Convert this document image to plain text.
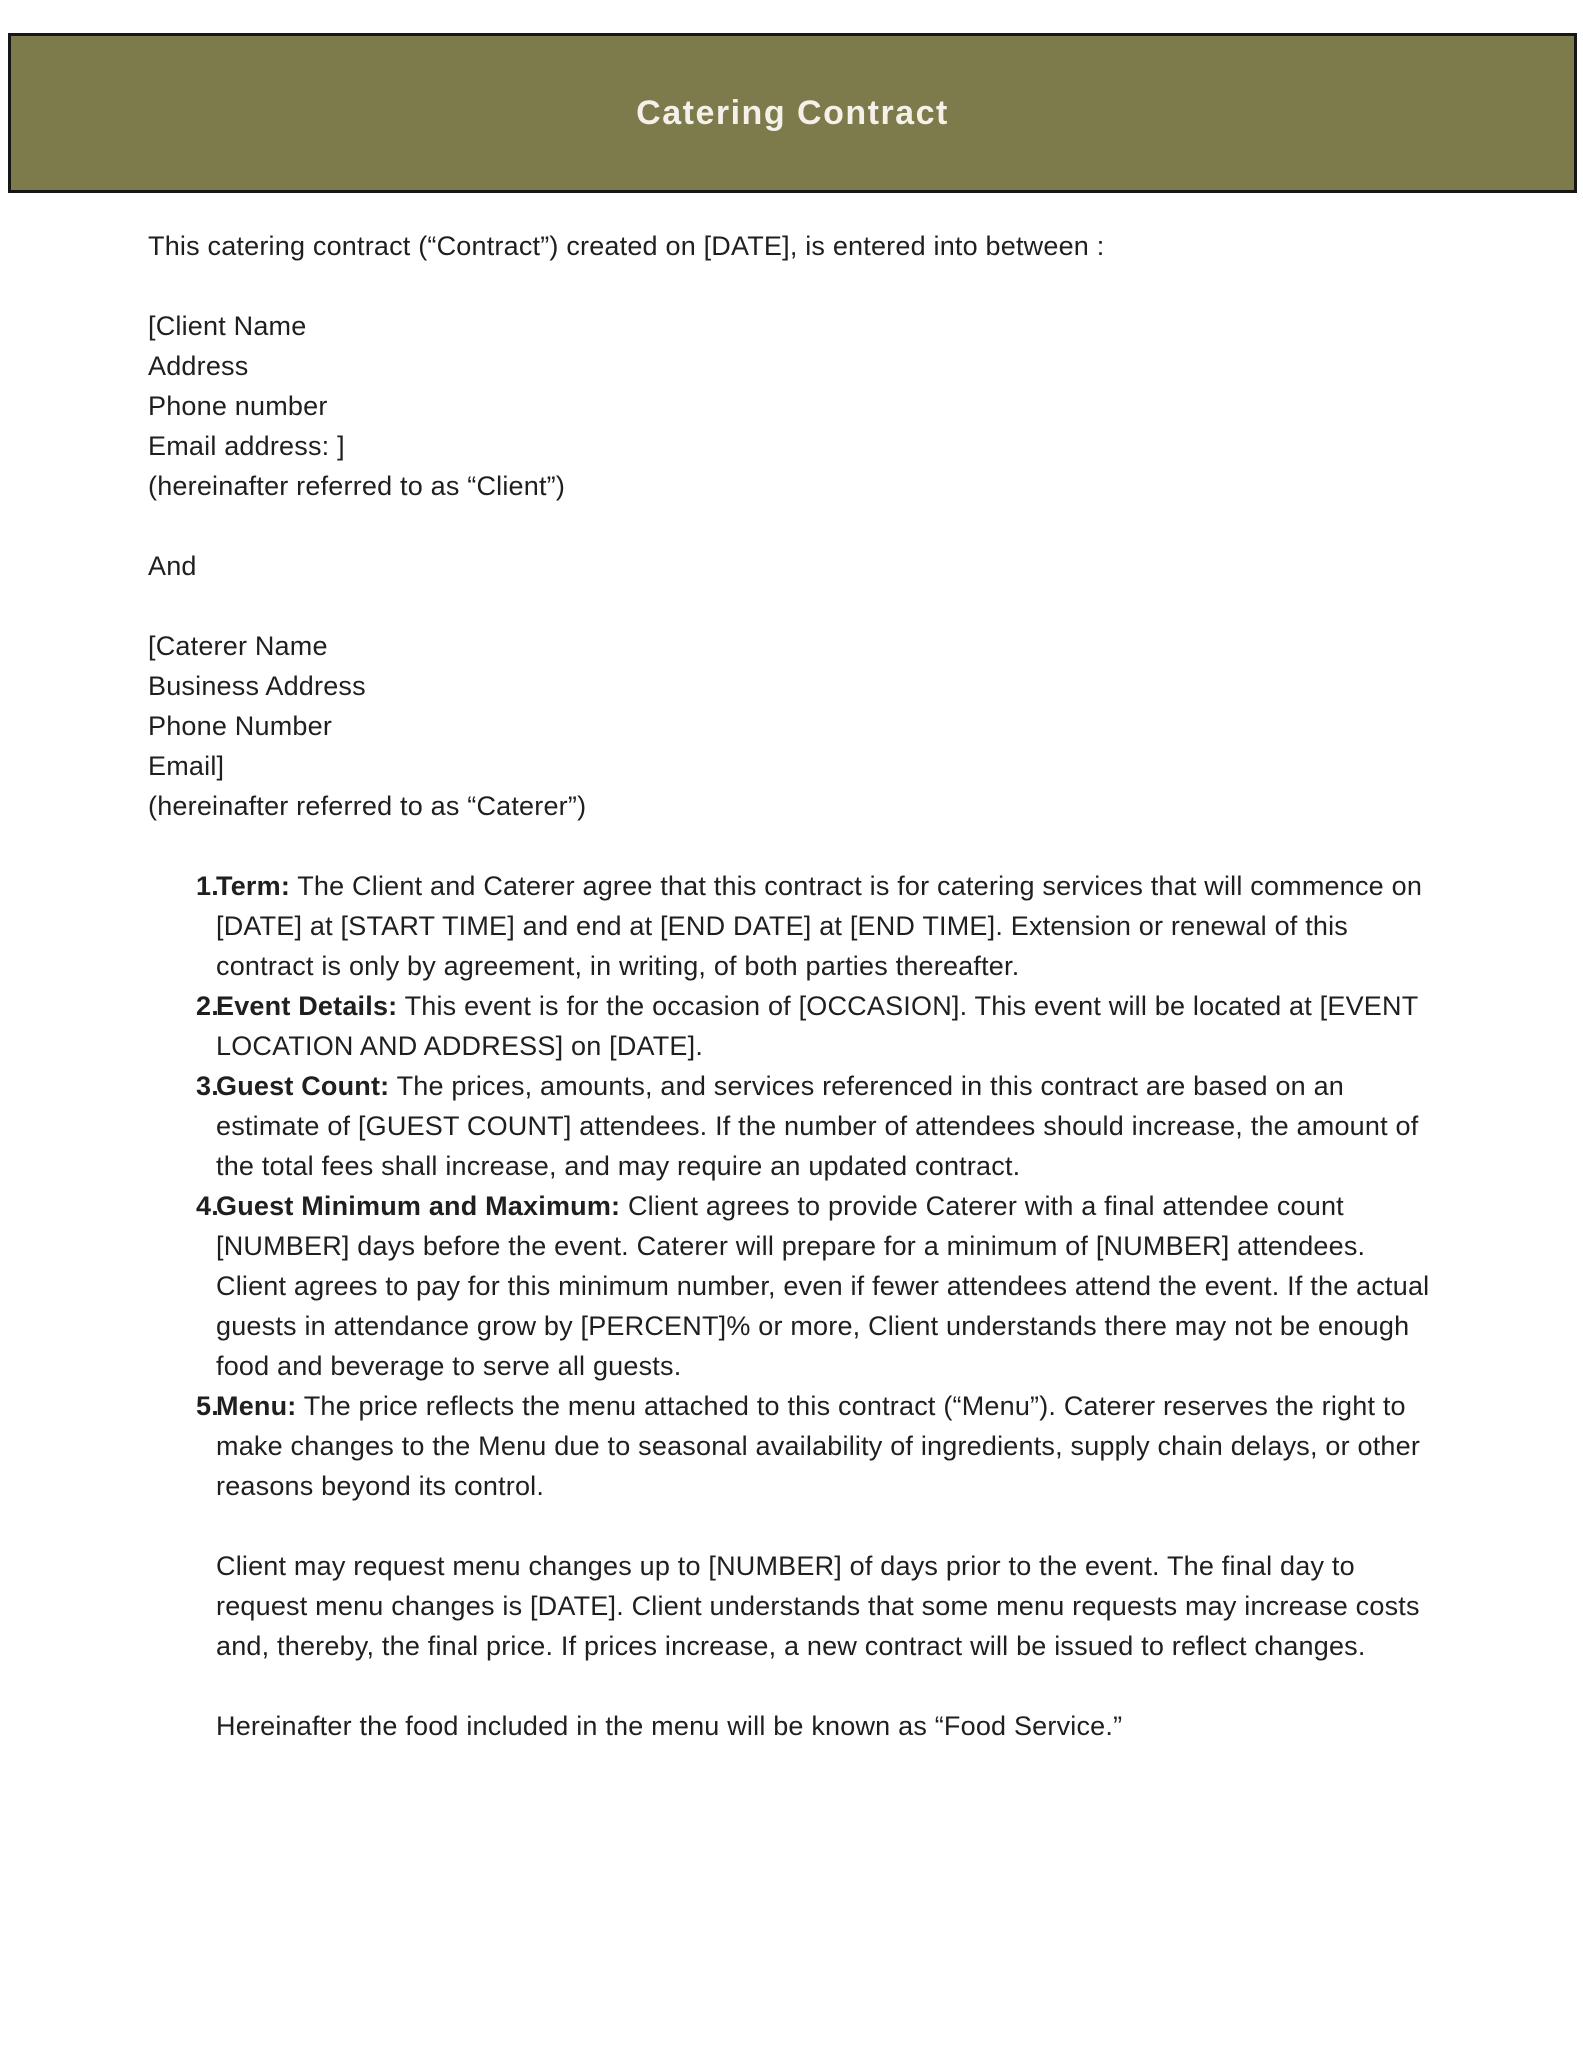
Catering Contract

This catering contract (“Contract”) created on [DATE], is entered into between :

[Client Name
Address
Phone number
Email address: ]
(hereinafter referred to as “Client”)

And

[Caterer Name
Business Address
Phone Number
Email]
(hereinafter referred to as “Caterer”)
1.
Term: The Client and Caterer agree that this contract is for catering services that will commence on [DATE] at [START TIME] and end at [END DATE] at [END TIME]. Extension or renewal of this contract is only by agreement, in writing, of both parties thereafter.
2.
Event Details: This event is for the occasion of [OCCASION]. This event will be located at [EVENT LOCATION AND ADDRESS] on [DATE].
3.
Guest Count: The prices, amounts, and services referenced in this contract are based on an estimate of [GUEST COUNT] attendees. If the number of attendees should increase, the amount of the total fees shall increase, and may require an updated contract.
4.
Guest Minimum and Maximum: Client agrees to provide Caterer with a final attendee count [NUMBER] days before the event. Caterer will prepare for a minimum of [NUMBER] attendees. Client agrees to pay for this minimum number, even if fewer attendees attend the event. If the actual guests in attendance grow by [PERCENT]% or more, Client understands there may not be enough food and beverage to serve all guests.
5.
Menu: The price reflects the menu attached to this contract (“Menu”). Caterer reserves the right to make changes to the Menu due to seasonal availability of ingredients, supply chain delays, or other reasons beyond its control.

Client may request menu changes up to [NUMBER] of days prior to the event. The final day to request menu changes is [DATE]. Client understands that some menu requests may increase costs and, thereby, the final price. If prices increase, a new contract will be issued to reflect changes.

Hereinafter the food included in the menu will be known as “Food Service.”
